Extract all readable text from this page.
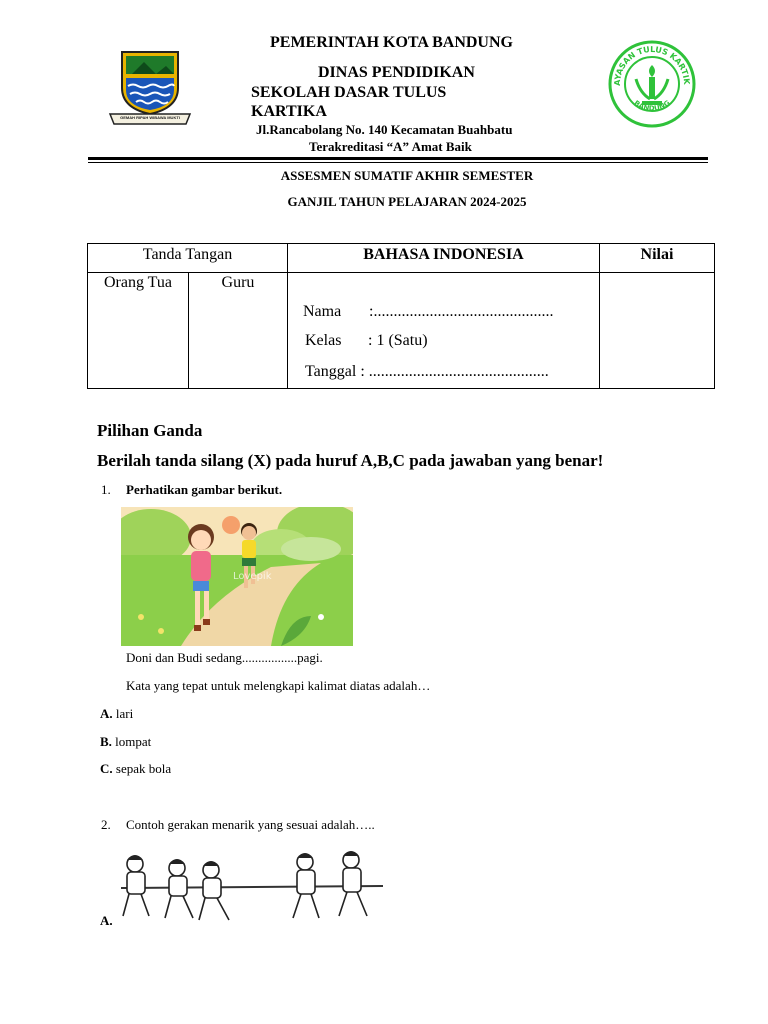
GEMAH RIPAH WIBAWA MUKTI
PEMERINTAH KOTA BANDUNG
DINAS PENDIDIKAN
SEKOLAH DASAR TULUS KARTIKA
Jl.Rancabolang No. 140 Kecamatan Buahbatu
Terakreditasi “A” Amat Baik
AYASAN TULUS KARTIK
BANDUNG
ASSESMEN SUMATIF AKHIR SEMESTER
GANJIL TAHUN PELAJARAN 2024-2025
Tanda Tangan		BAHASA INDONESIA	Nilai
Orang Tua	Guru	Nama :.............................................
Kelas : 1 (Satu)
Tanggal : .............................................	

Pilihan Ganda
Berilah tanda silang (X) pada huruf A,B,C pada jawaban yang benar!
1. Perhatikan gambar berikut.
Lovepik
Doni dan Budi sedang.................pagi.
Kata yang tepat untuk melengkapi kalimat diatas adalah…
A. lari
B. lompat
C. sepak bola
2. Contoh gerakan menarik yang sesuai adalah…..
A.
